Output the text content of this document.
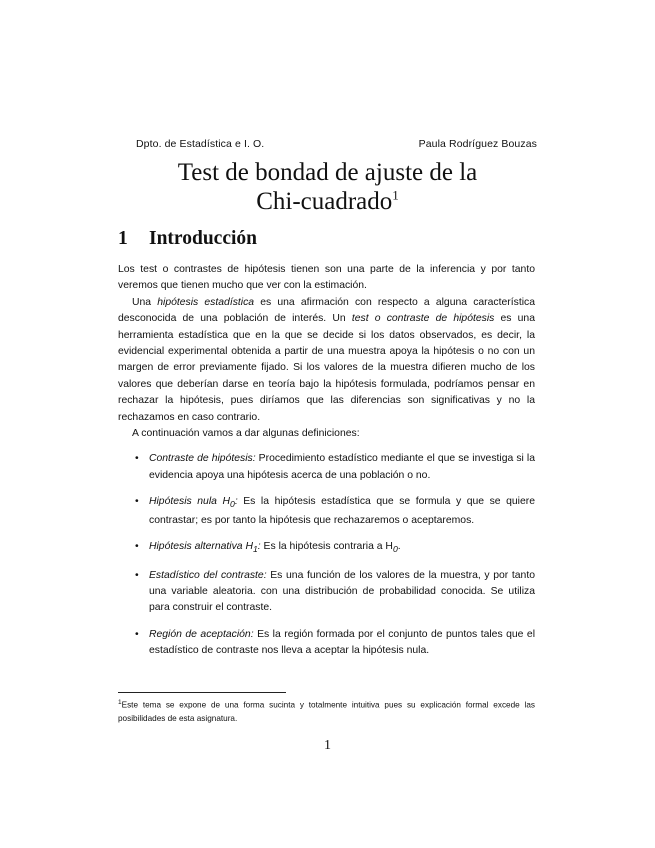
Dpto. de Estadística e I. O.	Paula Rodríguez Bouzas
Test de bondad de ajuste de la
Chi-cuadrado$^1$
1 Introducción

Los test o contrastes de hipótesis tienen son una parte de la inferencia y por tanto veremos que tienen mucho que ver con la estimación.

Una hipótesis estadística es una afirmación con respecto a alguna característica desconocida de una población de interés. Un test o contraste de hipótesis es una herramienta estadística que en la que se decide si los datos observados, es decir, la evidencial experimental obtenida a partir de una muestra apoya la hipótesis o no con un margen de error previamente fijado. Si los valores de la muestra difieren mucho de los valores que deberían darse en teoría bajo la hipótesis formulada, podríamos pensar en rechazar la hipótesis, pues diríamos que las diferencias son significativas y no la rechazamos en caso contrario.

A continuación vamos a dar algunas definiciones:

• Contraste de hipótesis: Procedimiento estadístico mediante el que se investiga si la evidencia apoya una hipótesis acerca de una población o no.
• Hipótesis nula $H_0$: Es la hipótesis estadística que se formula y que se quiere contrastar; es por tanto la hipótesis que rechazaremos o aceptaremos.
• Hipótesis alternativa $H_1$: Es la hipótesis contraria a $H_0$.
• Estadístico del contraste: Es una función de los valores de la muestra, y por tanto una variable aleatoria. con una distribución de probabilidad conocida. Se utiliza para construir el contraste.
• Región de aceptación: Es la región formada por el conjunto de puntos tales que el estadístico de contraste nos lleva a aceptar la hipótesis nula.
$^1$Este tema se expone de una forma sucinta y totalmente intuitiva pues su explicación formal excede las posibilidades de esta asignatura.
1
